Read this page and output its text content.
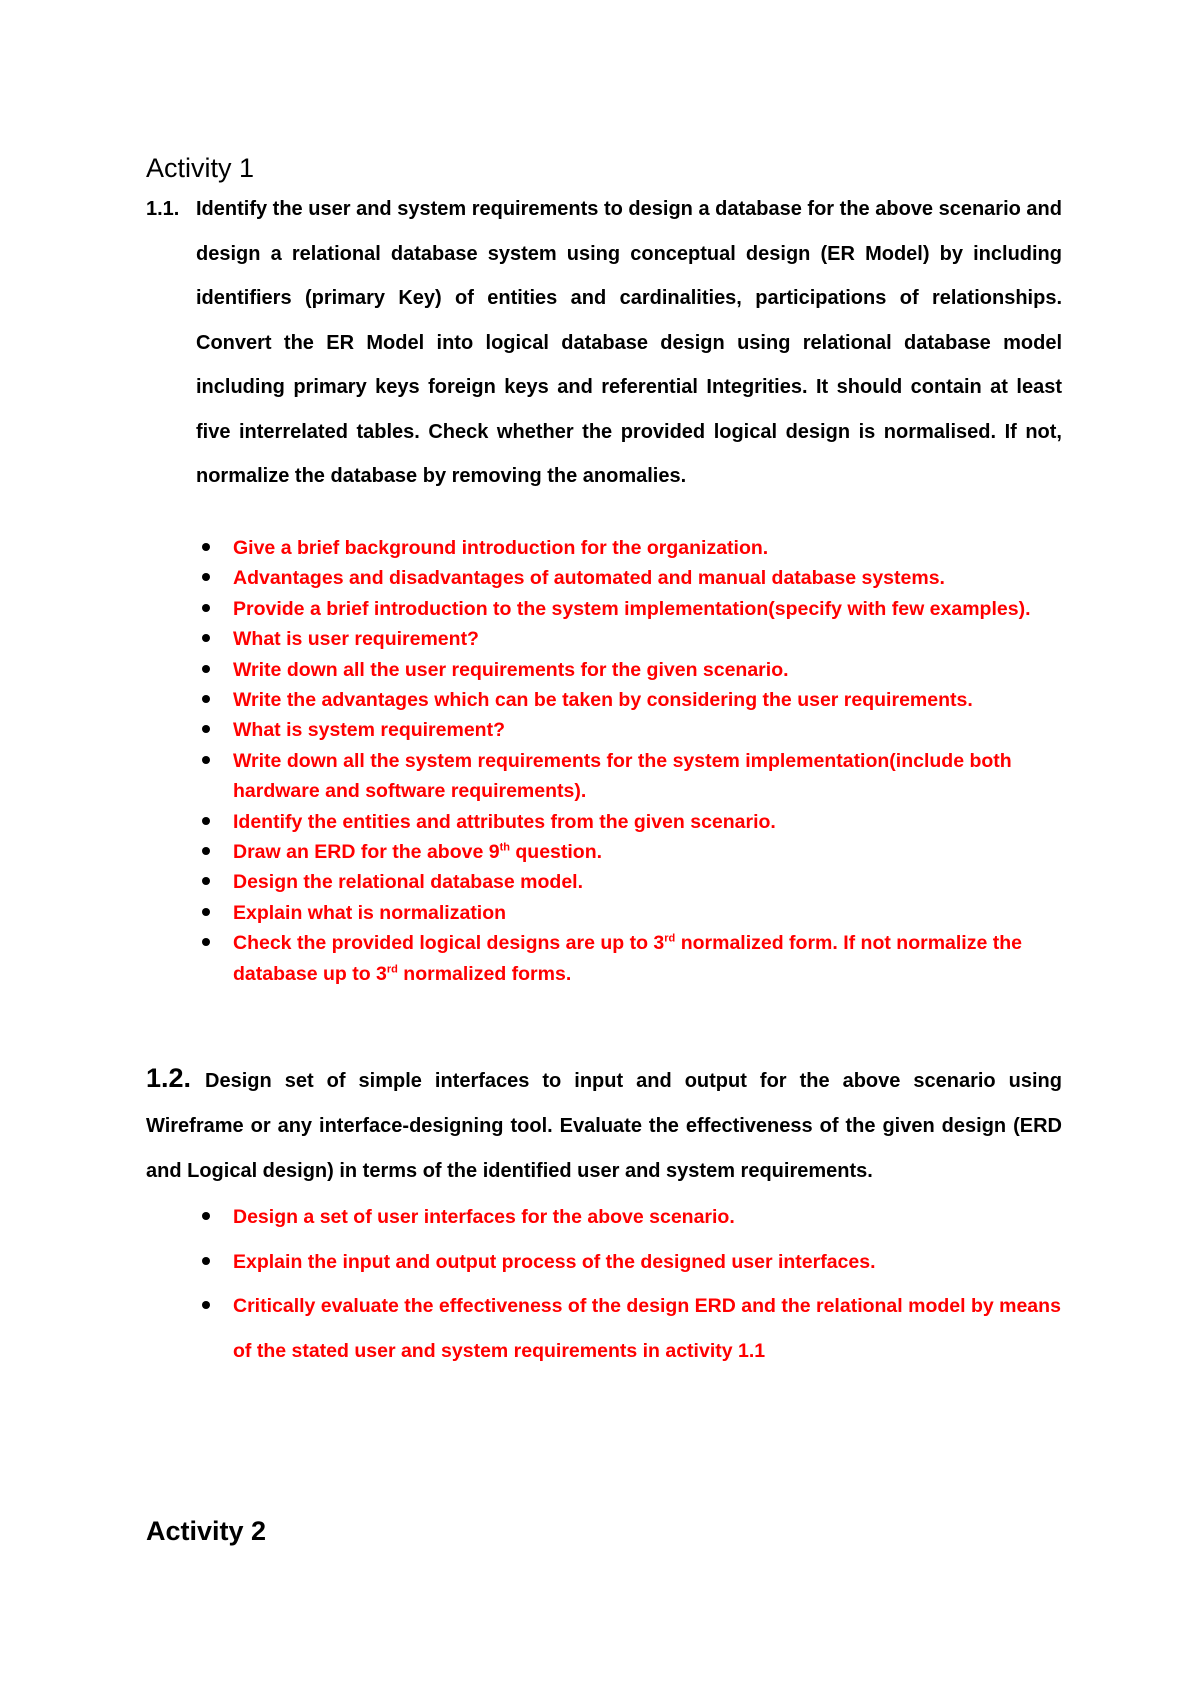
Activity 1

1.1. Identify the user and system requirements to design a database for the above scenario and design a relational database system using conceptual design (ER Model) by including identifiers (primary Key) of entities and cardinalities, participations of relationships. Convert the ER Model into logical database design using relational database model including primary keys foreign keys and referential Integrities. It should contain at least five interrelated tables. Check whether the provided logical design is normalised. If not, normalize the database by removing the anomalies.

Give a brief background introduction for the organization.
Advantages and disadvantages of automated and manual database systems.
Provide a brief introduction to the system implementation(specify with few examples).
What is user requirement?
Write down all the user requirements for the given scenario.
Write the advantages which can be taken by considering the user requirements.
What is system requirement?
Write down all the system requirements for the system implementation(include both hardware and software requirements).
Identify the entities and attributes from the given scenario.
Draw an ERD for the above 9th question.
Design the relational database model.
Explain what is normalization
Check the provided logical designs are up to 3rd normalized form. If not normalize the database up to 3rd normalized forms.

1.2. Design set of simple interfaces to input and output for the above scenario using Wireframe or any interface-designing tool. Evaluate the effectiveness of the given design (ERD and Logical design) in terms of the identified user and system requirements.

Design a set of user interfaces for the above scenario.
Explain the input and output process of the designed user interfaces.
Critically evaluate the effectiveness of the design ERD and the relational model by means of the stated user and system requirements in activity 1.1
Activity 2
